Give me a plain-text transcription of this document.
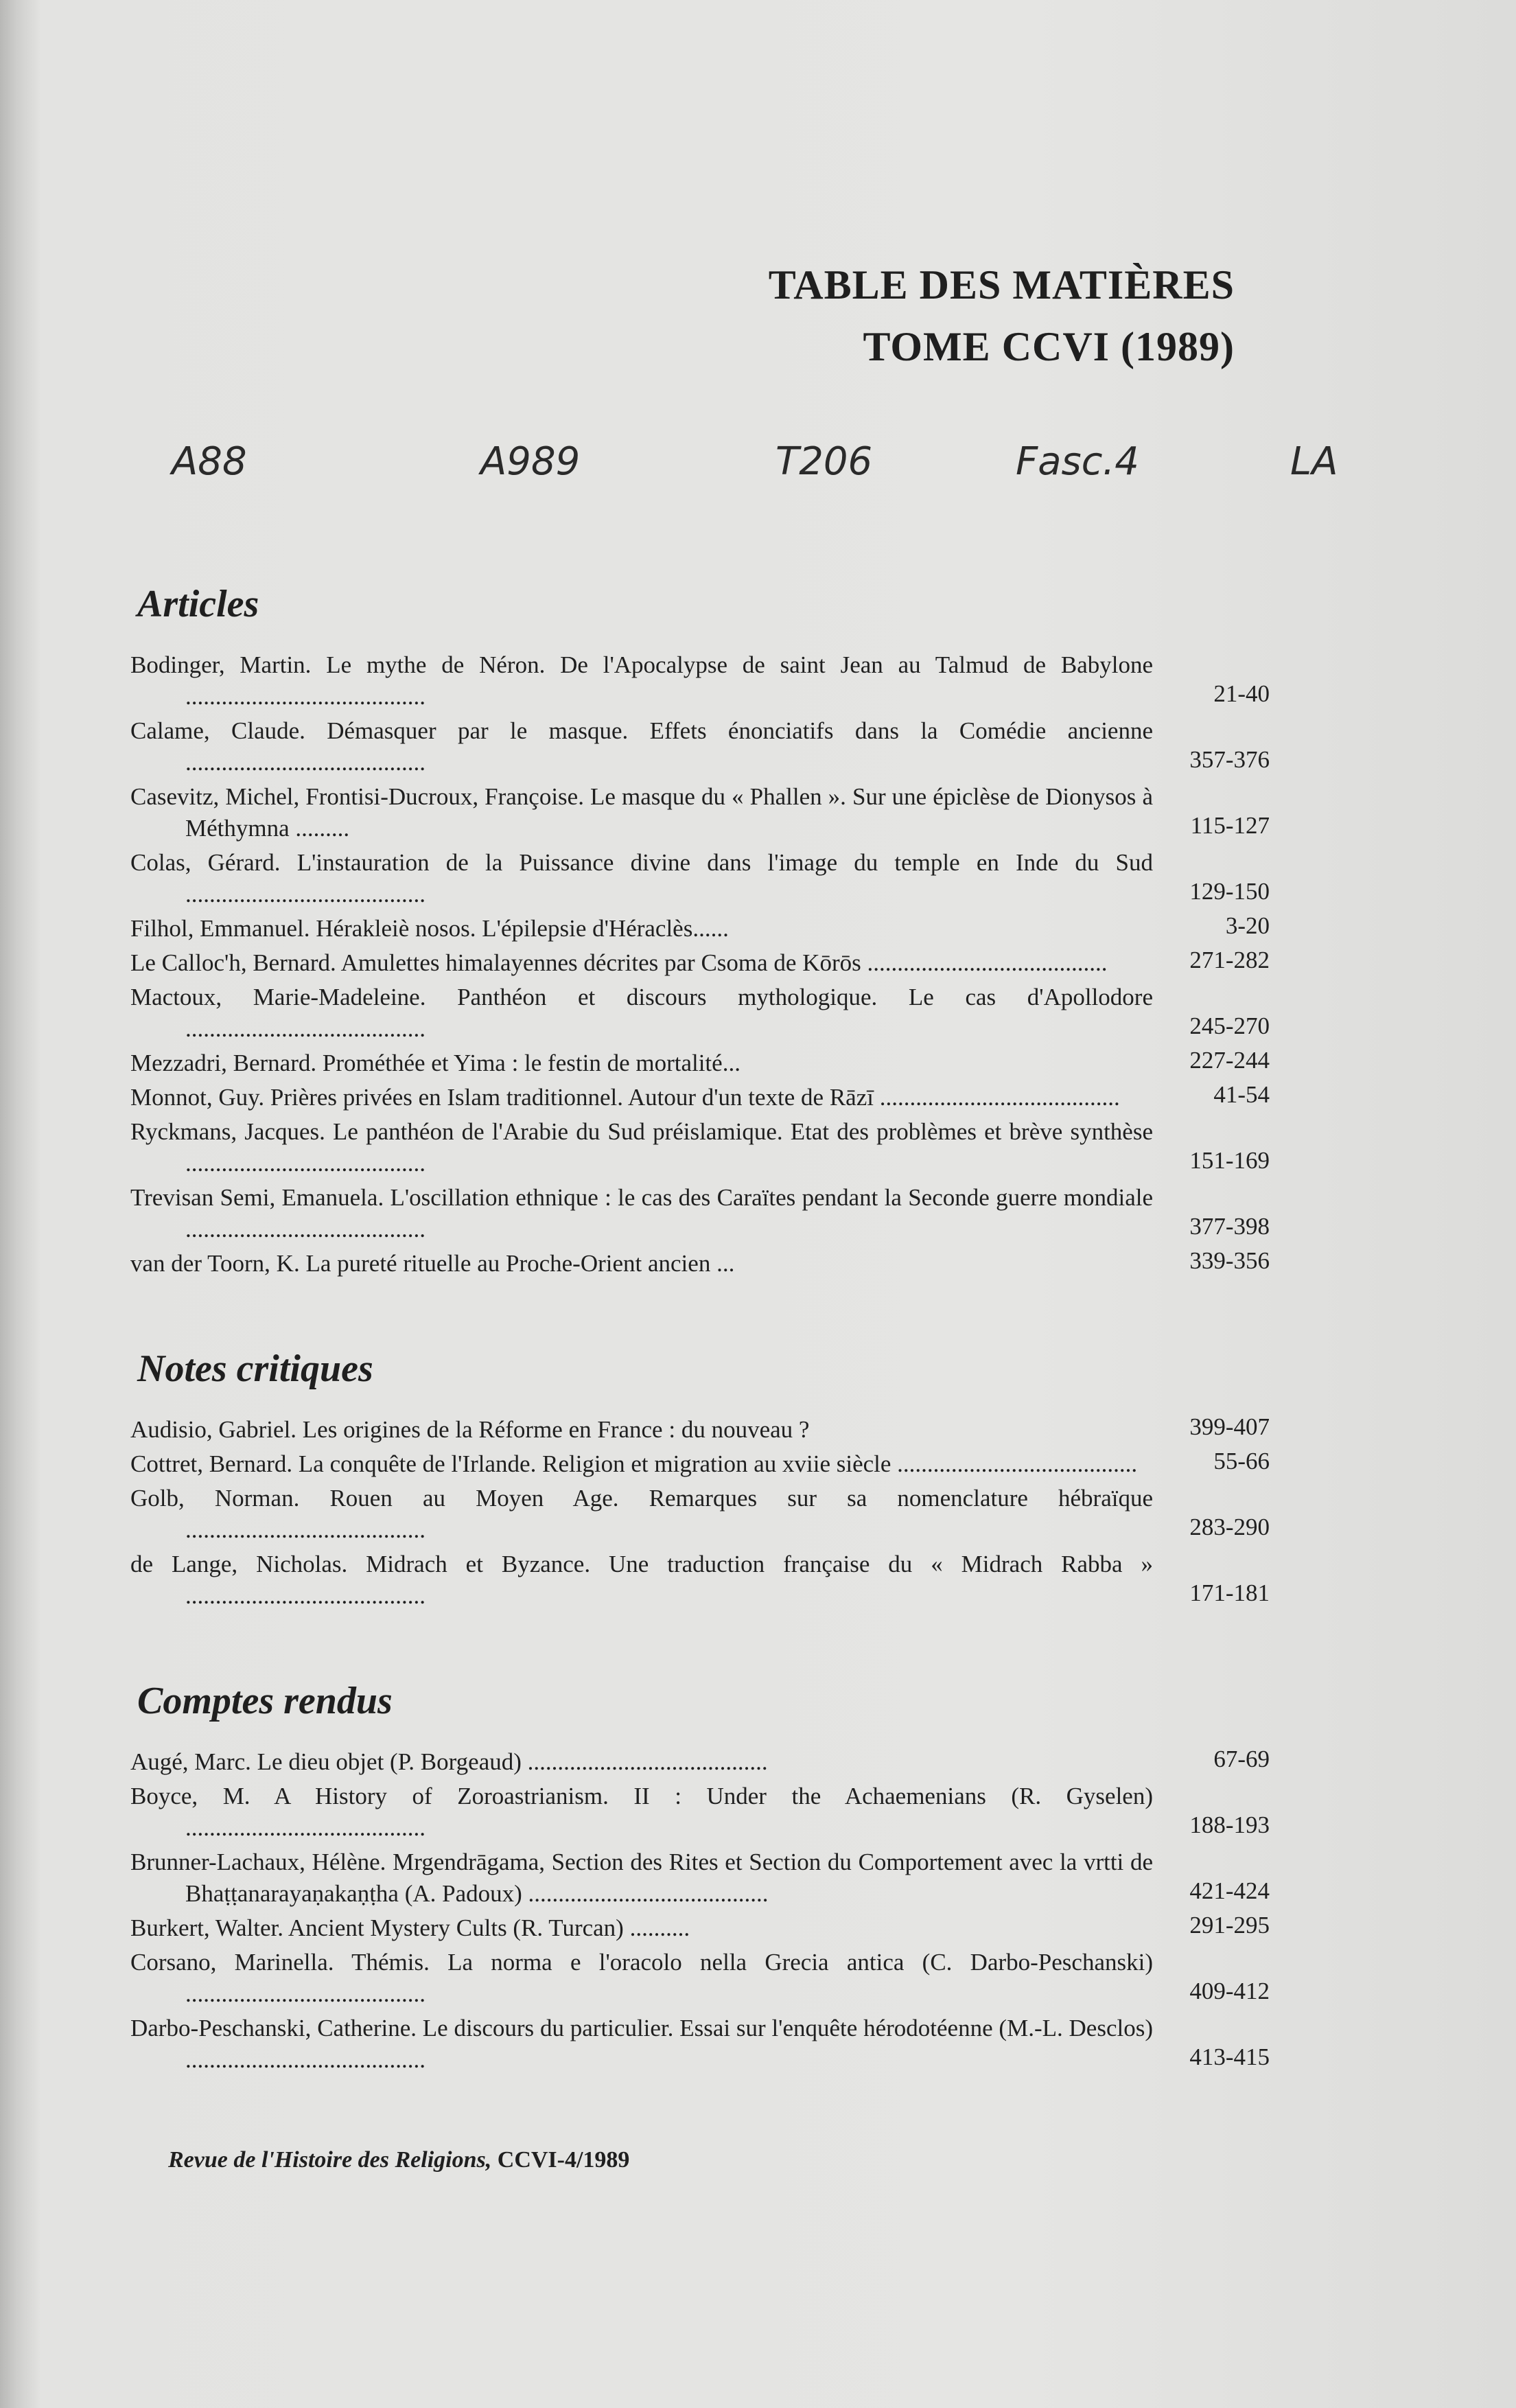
TABLE DES MATIÈRES
TOME CCVI (1989)
A88	A989	T206	Fasc.4	LA
Articles
Bodinger, Martin. Le mythe de Néron. De l'Apocalypse de saint Jean au Talmud de Babylone ........................................	21-40
Calame, Claude. Démasquer par le masque. Effets énonciatifs dans la Comédie ancienne ........................................	357-376
Casevitz, Michel, Frontisi-Ducroux, Françoise. Le masque du « Phallen ». Sur une épiclèse de Dionysos à Méthymna .........	115-127
Colas, Gérard. L'instauration de la Puissance divine dans l'image du temple en Inde du Sud ........................................	129-150
Filhol, Emmanuel. Hérakleiè nosos. L'épilepsie d'Héraclès......	3-20
Le Calloc'h, Bernard. Amulettes himalayennes décrites par Csoma de Kōrōs ........................................	271-282
Mactoux, Marie-Madeleine. Panthéon et discours mythologique. Le cas d'Apollodore ........................................	245-270
Mezzadri, Bernard. Prométhée et Yima : le festin de mortalité...	227-244
Monnot, Guy. Prières privées en Islam traditionnel. Autour d'un texte de Rāzī ........................................	41-54
Ryckmans, Jacques. Le panthéon de l'Arabie du Sud préislamique. Etat des problèmes et brève synthèse ........................................	151-169
Trevisan Semi, Emanuela. L'oscillation ethnique : le cas des Caraïtes pendant la Seconde guerre mondiale ........................................	377-398
van der Toorn, K. La pureté rituelle au Proche-Orient ancien ...	339-356
Notes critiques
Audisio, Gabriel. Les origines de la Réforme en France : du nouveau ?	399-407
Cottret, Bernard. La conquête de l'Irlande. Religion et migration au xviie siècle ........................................	55-66
Golb, Norman. Rouen au Moyen Age. Remarques sur sa nomenclature hébraïque ........................................	283-290
de Lange, Nicholas. Midrach et Byzance. Une traduction française du « Midrach Rabba » ........................................	171-181
Comptes rendus
Augé, Marc. Le dieu objet (P. Borgeaud) ........................................	67-69
Boyce, M. A History of Zoroastrianism. II : Under the Achaemenians (R. Gyselen) ........................................	188-193
Brunner-Lachaux, Hélène. Mrgendrāgama, Section des Rites et Section du Comportement avec la vrtti de Bhaṭṭanarayaṇakaṇṭha (A. Padoux) ........................................	421-424
Burkert, Walter. Ancient Mystery Cults (R. Turcan) ..........	291-295
Corsano, Marinella. Thémis. La norma e l'oracolo nella Grecia antica (C. Darbo-Peschanski) ........................................	409-412
Darbo-Peschanski, Catherine. Le discours du particulier. Essai sur l'enquête hérodotéenne (M.-L. Desclos) ........................................	413-415
Revue de l'Histoire des Religions, CCVI-4/1989
